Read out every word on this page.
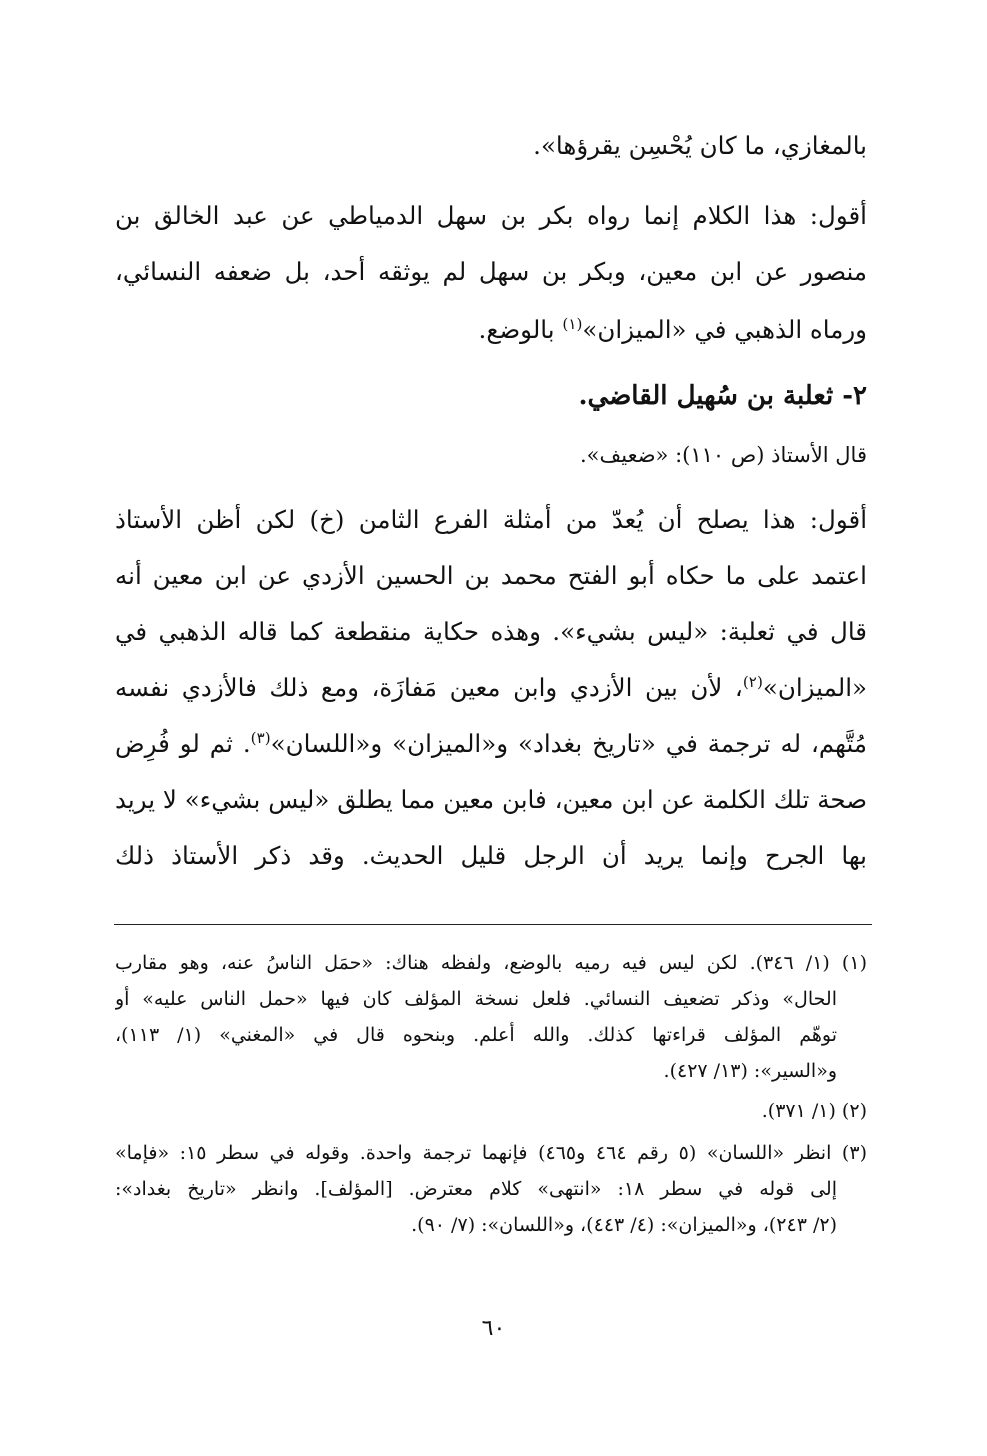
بالمغازي، ما كان يُحْسِن يقرؤها».
أقول: هذا الكلام إنما رواه بكر بن سهل الدمياطي عن عبد الخالق بن
منصور عن ابن معين، وبكر بن سهل لم يوثقه أحد، بل ضعفه النسائي،
ورماه الذهبي في «الميزان»$^{(١)}$ بالوضع.
٢- ثعلبة بن سُهيل القاضي.
قال الأستاذ (ص ١١٠): «ضعيف».
أقول: هذا يصلح أن يُعدّ من أمثلة الفرع الثامن (خ) لكن أظن الأستاذ
اعتمد على ما حكاه أبو الفتح محمد بن الحسين الأزدي عن ابن معين أنه
قال في ثعلبة: «ليس بشيء». وهذه حكاية منقطعة كما قاله الذهبي في
«الميزان»$^{(٢)}$، لأن بين الأزدي وابن معين مَفازَة، ومع ذلك فالأزدي نفسه
مُتَّهم، له ترجمة في «تاريخ بغداد» و«الميزان» و«اللسان»$^{(٣)}$. ثم لو فُرِض
صحة تلك الكلمة عن ابن معين، فابن معين مما يطلق «ليس بشيء» لا يريد
بها الجرح وإنما يريد أن الرجل قليل الحديث. وقد ذكر الأستاذ ذلك
(١) (١/ ٣٤٦). لكن ليس فيه رميه بالوضع، ولفظه هناك: «حمَل الناسُ عنه، وهو مقارب
الحال» وذكر تضعيف النسائي. فلعل نسخة المؤلف كان فيها «حمل الناس عليه» أو
توهّم المؤلف قراءتها كذلك. والله أعلم. وبنحوه قال في «المغني» (١/ ١١٣)،
و«السير»: (١٣/ ٤٢٧).
(٢) (١/ ٣٧١).
(٣) انظر «اللسان» (٥ رقم ٤٦٤ و٤٦٥) فإنهما ترجمة واحدة. وقوله في سطر ١٥: «فإما»
إلى قوله في سطر ١٨: «انتهى» كلام معترض. [المؤلف]. وانظر «تاريخ بغداد»:
(٢/ ٢٤٣)، و«الميزان»: (٤/ ٤٤٣)، و«اللسان»: (٧/ ٩٠).
٦٠
